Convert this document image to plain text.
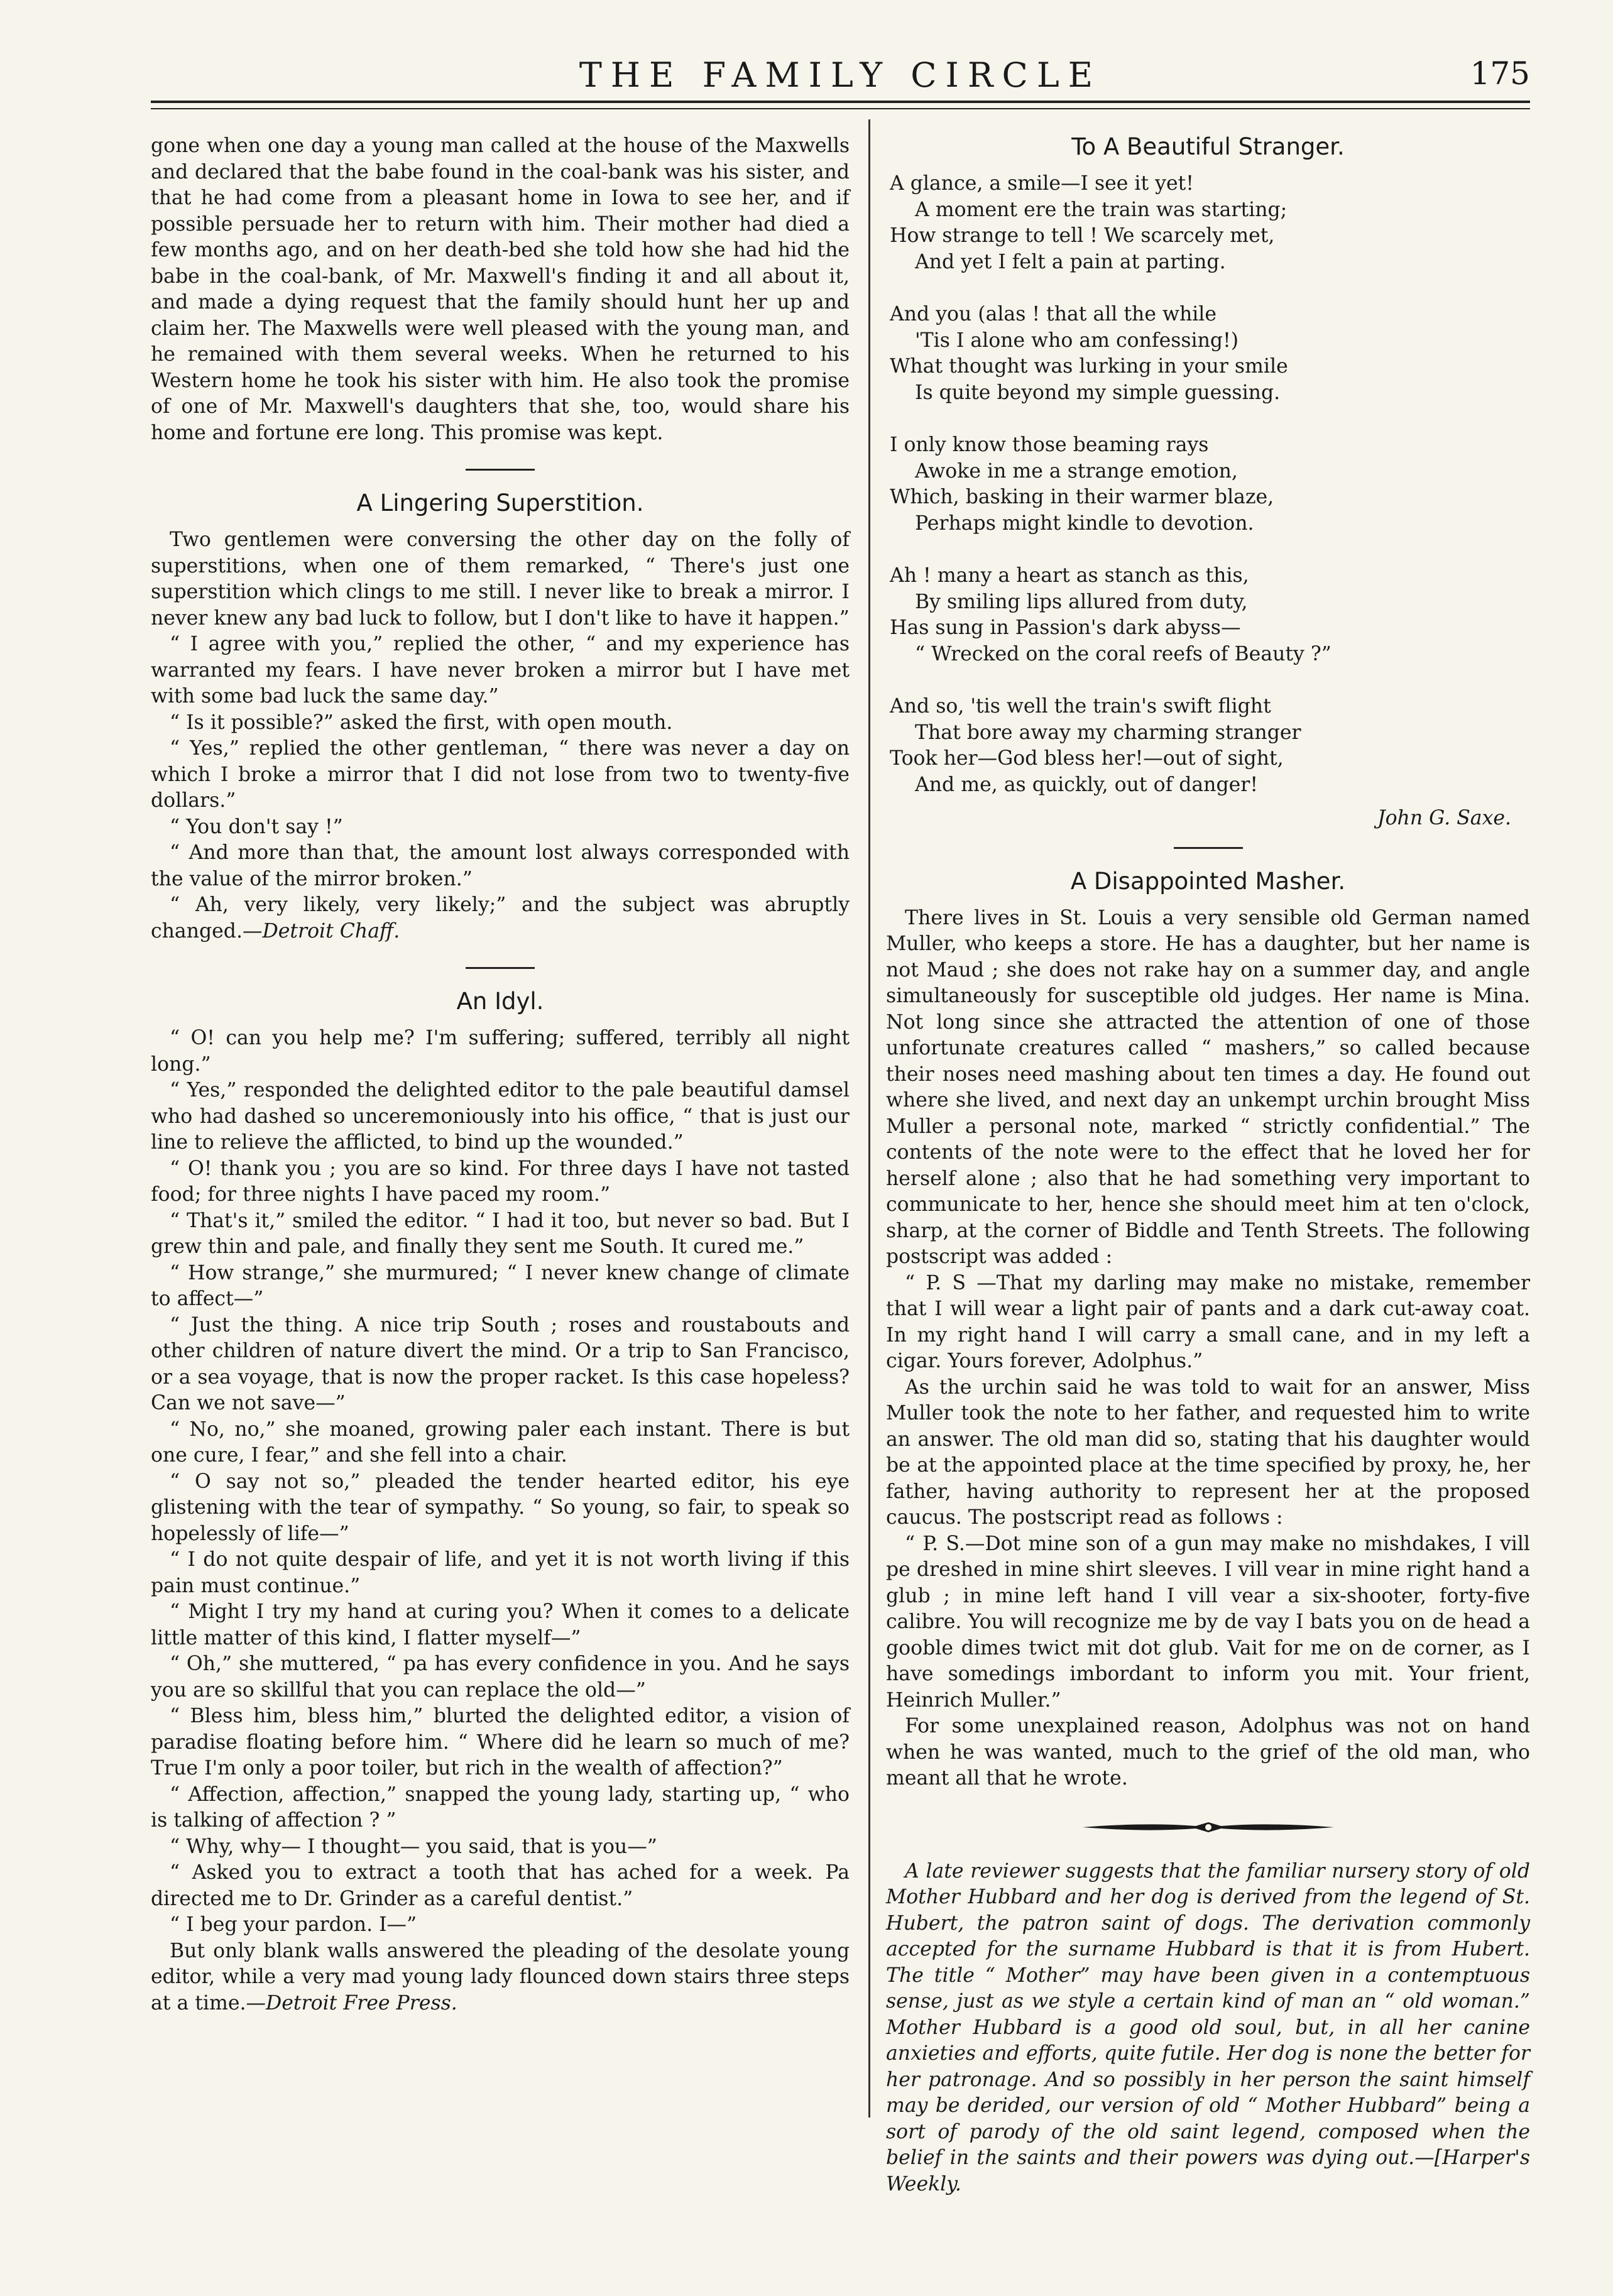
THE FAMILY CIRCLE	175

gone when one day a young man called at the house of the Maxwells and declared that the babe found in the coal-bank was his sister, and that he had come from a pleasant home in Iowa to see her, and if possible persuade her to return with him. Their mother had died a few months ago, and on her death-bed she told how she had hid the babe in the coal-bank, of Mr. Maxwell's finding it and all about it, and made a dying request that the family should hunt her up and claim her. The Maxwells were well pleased with the young man, and he remained with them several weeks. When he returned to his Western home he took his sister with him. He also took the promise of one of Mr. Maxwell's daughters that she, too, would share his home and fortune ere long. This promise was kept.

A Lingering Superstition.

Two gentlemen were conversing the other day on the folly of superstitions, when one of them remarked, “ There's just one superstition which clings to me still. I never like to break a mirror. I never knew any bad luck to follow, but I don't like to have it happen.”

“ I agree with you,” replied the other, “ and my experience has warranted my fears. I have never broken a mirror but I have met with some bad luck the same day.”

“ Is it possible?” asked the first, with open mouth.

“ Yes,” replied the other gentleman, “ there was never a day on which I broke a mirror that I did not lose from two to twenty-five dollars.”

“ You don't say !”

“ And more than that, the amount lost always corresponded with the value of the mirror broken.”

“ Ah, very likely, very likely;” and the subject was abruptly changed.—Detroit Chaff.

An Idyl.

“ O! can you help me? I'm suffering; suffered, terribly all night long.”

“ Yes,” responded the delighted editor to the pale beautiful damsel who had dashed so unceremoniously into his office, “ that is just our line to relieve the afflicted, to bind up the wounded.”

“ O! thank you ; you are so kind. For three days I have not tasted food; for three nights I have paced my room.”

“ That's it,” smiled the editor. “ I had it too, but never so bad. But I grew thin and pale, and finally they sent me South. It cured me.”

“ How strange,” she murmured; “ I never knew change of climate to affect—”

“ Just the thing. A nice trip South ; roses and roustabouts and other children of nature divert the mind. Or a trip to San Francisco, or a sea voyage, that is now the proper racket. Is this case hopeless? Can we not save—”

“ No, no,” she moaned, growing paler each instant. There is but one cure, I fear,” and she fell into a chair.

“ O say not so,” pleaded the tender hearted editor, his eye glistening with the tear of sympathy. “ So young, so fair, to speak so hopelessly of life—”

“ I do not quite despair of life, and yet it is not worth living if this pain must continue.”

“ Might I try my hand at curing you? When it comes to a delicate little matter of this kind, I flatter myself—”

“ Oh,” she muttered, “ pa has every confidence in you. And he says you are so skillful that you can replace the old—”

“ Bless him, bless him,” blurted the delighted editor, a vision of paradise floating before him. “ Where did he learn so much of me? True I'm only a poor toiler, but rich in the wealth of affection?”

“ Affection, affection,” snapped the young lady, starting up, “ who is talking of affection ? ”

“ Why, why— I thought— you said, that is you—”

“ Asked you to extract a tooth that has ached for a week. Pa directed me to Dr. Grinder as a careful dentist.”

“ I beg your pardon. I—”

But only blank walls answered the pleading of the desolate young editor, while a very mad young lady flounced down stairs three steps at a time.—Detroit Free Press.

To A Beautiful Stranger.
A glance, a smile—I see it yet!
A moment ere the train was starting;
How strange to tell ! We scarcely met,
And yet I felt a pain at parting.
And you (alas ! that all the while
'Tis I alone who am confessing!)
What thought was lurking in your smile
Is quite beyond my simple guessing.
I only know those beaming rays
Awoke in me a strange emotion,
Which, basking in their warmer blaze,
Perhaps might kindle to devotion.
Ah ! many a heart as stanch as this,
By smiling lips allured from duty,
Has sung in Passion's dark abyss—
“ Wrecked on the coral reefs of Beauty ?”
And so, 'tis well the train's swift flight
That bore away my charming stranger
Took her—God bless her!—out of sight,
And me, as quickly, out of danger!
John G. Saxe.
A Disappointed Masher.

There lives in St. Louis a very sensible old German named Muller, who keeps a store. He has a daughter, but her name is not Maud ; she does not rake hay on a summer day, and angle simultaneously for susceptible old judges. Her name is Mina. Not long since she attracted the attention of one of those unfortunate creatures called “ mashers,” so called because their noses need mashing about ten times a day. He found out where she lived, and next day an unkempt urchin brought Miss Muller a personal note, marked “ strictly confidential.” The contents of the note were to the effect that he loved her for herself alone ; also that he had something very important to communicate to her, hence she should meet him at ten o'clock, sharp, at the corner of Biddle and Tenth Streets. The following postscript was added :

“ P. S —That my darling may make no mistake, remember that I will wear a light pair of pants and a dark cut-away coat. In my right hand I will carry a small cane, and in my left a cigar. Yours forever, Adolphus.”

As the urchin said he was told to wait for an answer, Miss Muller took the note to her father, and requested him to write an answer. The old man did so, stating that his daughter would be at the appointed place at the time specified by proxy, he, her father, having authority to represent her at the proposed caucus. The postscript read as follows :

“ P. S.—Dot mine son of a gun may make no mishdakes, I vill pe dreshed in mine shirt sleeves. I vill vear in mine right hand a glub ; in mine left hand I vill vear a six-shooter, forty-five calibre. You will recognize me by de vay I bats you on de head a gooble dimes twict mit dot glub. Vait for me on de corner, as I have somedings imbordant to inform you mit. Your frient, Heinrich Muller.”

For some unexplained reason, Adolphus was not on hand when he was wanted, much to the grief of the old man, who meant all that he wrote.

A late reviewer suggests that the familiar nursery story of old Mother Hubbard and her dog is derived from the legend of St. Hubert, the patron saint of dogs. The derivation commonly accepted for the surname Hubbard is that it is from Hubert. The title “ Mother” may have been given in a contemptuous sense, just as we style a certain kind of man an “ old woman.” Mother Hubbard is a good old soul, but, in all her canine anxieties and efforts, quite futile. Her dog is none the better for her patronage. And so possibly in her person the saint himself may be derided, our version of old “ Mother Hubbard” being a sort of parody of the old saint legend, composed when the belief in the saints and their powers was dying out.—[Harper's Weekly.
